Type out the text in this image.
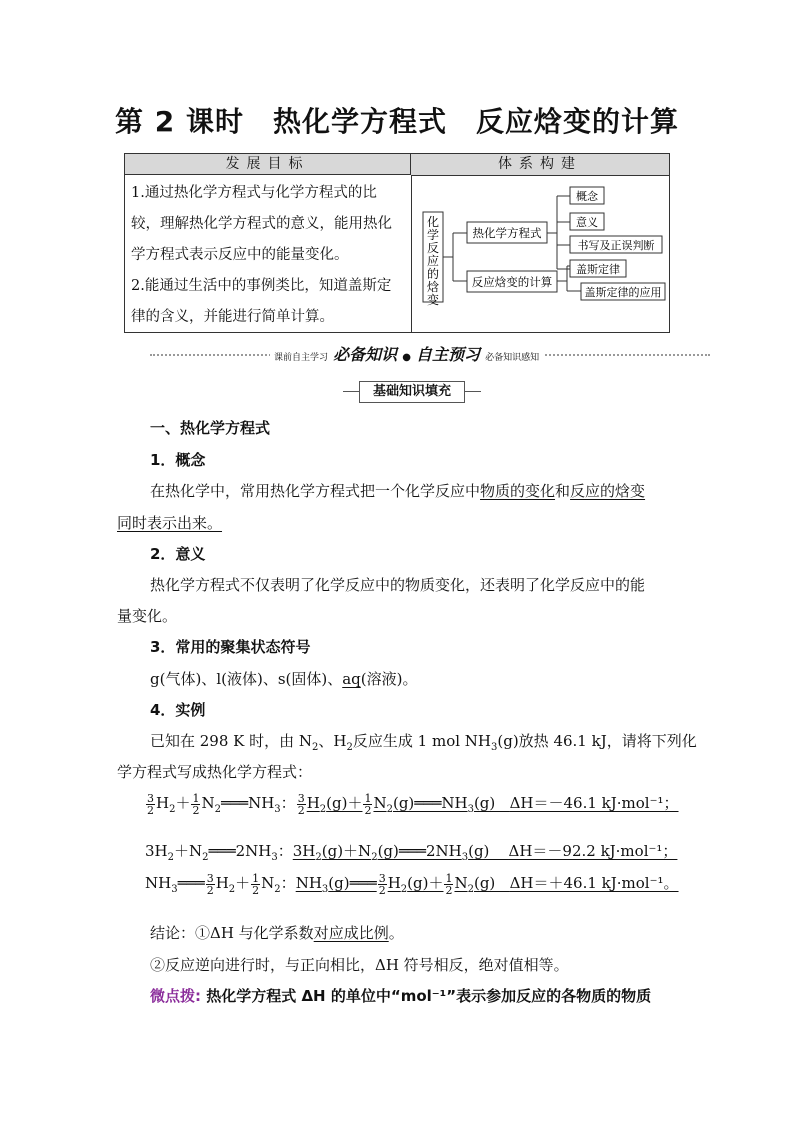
第 2 课时　热化学方程式　反应焓变的计算
发展目标	体系构建
1.通过热化学方程式与化学方程式的比较，理解热化学方程式的意义，能用热化学方程式表示反应中的能量变化。
2.能通过生活中的事例类比，知道盖斯定律的含义，并能进行简单计算。
化学反应的焓变
热化学方程式
反应焓变的计算
概念
意义
书写及正误判断
盖斯定律
盖斯定律的应用
课前自主学习 必备知识 ● 自主预习 必备知识感知
基础知识填充
一、热化学方程式
1．概念
在热化学中，常用热化学方程式把一个化学反应中物质的变化和反应的焓变
同时表示出来。
2．意义
热化学方程式不仅表明了化学反应中的物质变化，还表明了化学反应中的能
量变化。
3．常用的聚集状态符号
g(气体)、l(液体)、s(固体)、aq(溶液)。
4．实例
已知在 298 K 时，由 $N_2$、$H_2$反应生成 1 mol $NH_3(g)$放热 46.1 kJ，请将下列化
学方程式写成热化学方程式：
$\frac{3}{2} H_2+ \frac{1}{2}$ $N_2═══NH_3$： $\frac{3}{2} H_2(g)+ \frac{1}{2}$ $N_2(g)═══NH_3(g)$   ΔH＝－46.1 kJ·mol⁻¹；
$3H_2+N_2═══2NH_3$：$3H_2(g)+N_2(g)═══2NH_3(g)$    ΔH＝－92.2 kJ·mol⁻¹；
$NH_3═══ \frac{3}{2} H_2+ \frac{1}{2} N_2$：$NH_3(g)═══ \frac{3}{2} H_2(g)+ \frac{1}{2} N_2(g)$   ΔH＝＋46.1 kJ·mol⁻¹。
结论：①ΔH 与化学系数对应成比例。
②反应逆向进行时，与正向相比，ΔH 符号相反，绝对值相等。
微点拨: 热化学方程式 ΔH 的单位中“mol⁻¹”表示参加反应的各物质的物质
